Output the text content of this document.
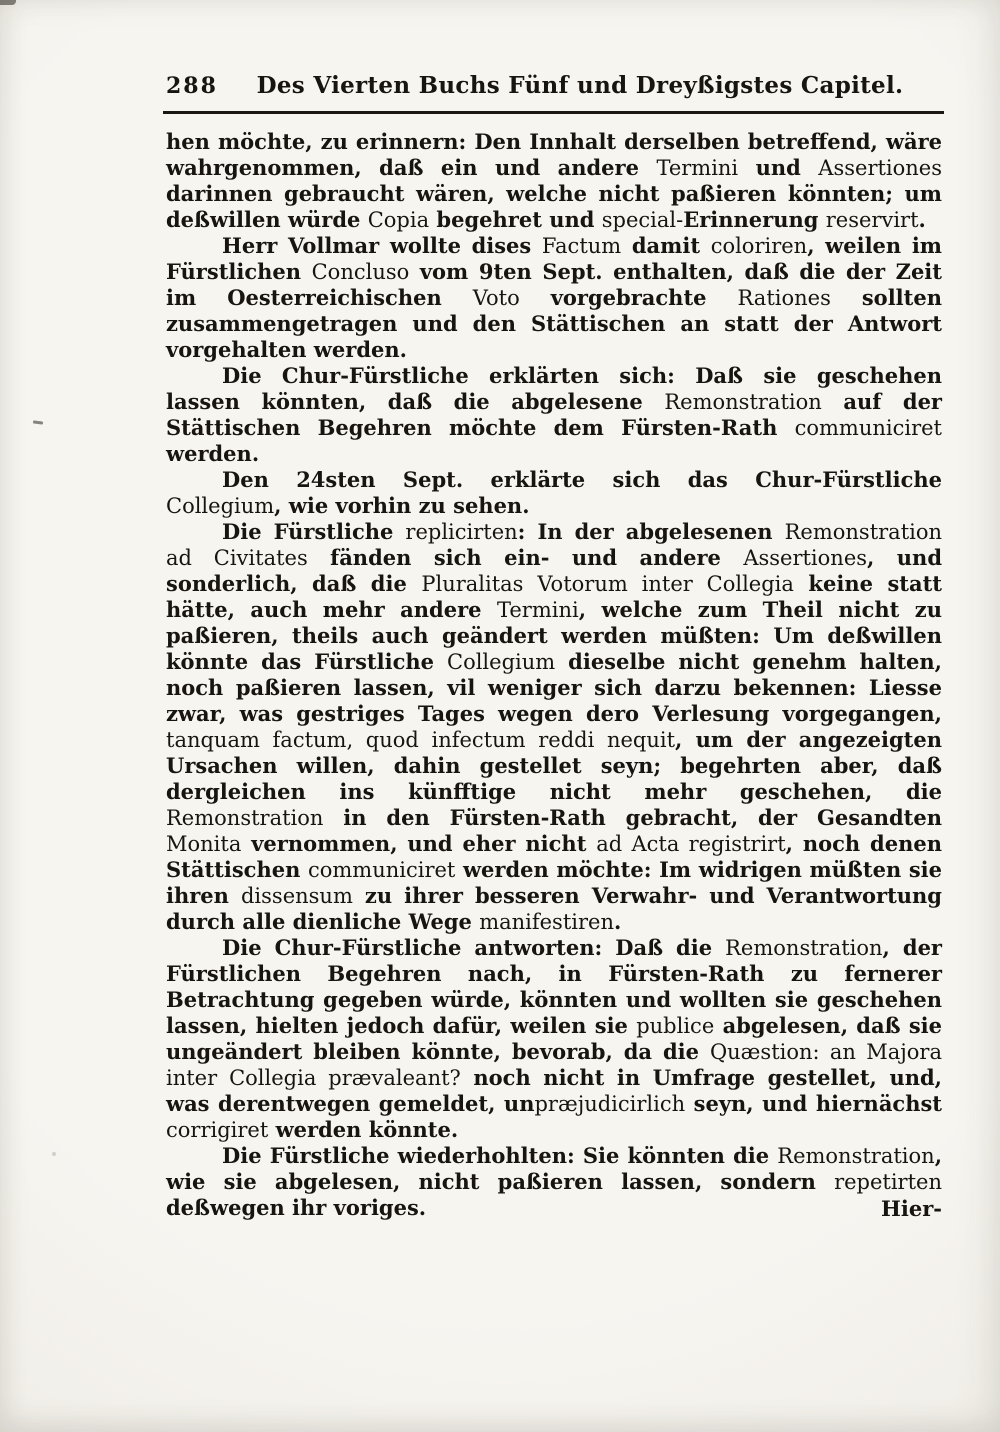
288	Des Vierten Buchs Fünf und Dreyßigstes Capitel.

hen möchte, zu erinnern: Den Innhalt derselben betreffend, wäre wahrgenommen, daß ein und andere Termini und Assertiones darinnen gebraucht wären, welche nicht paßieren könnten; um deßwillen würde Copia begehret und special-Erinnerung reservirt.

Herr Vollmar wollte dises Factum damit coloriren, weilen im Fürstlichen Concluso vom 9ten Sept. enthalten, daß die der Zeit im Oesterreichischen Voto vorgebrachte Rationes sollten zusammengetragen und den Stättischen an statt der Antwort vorgehalten werden.

Die Chur-Fürstliche erklärten sich: Daß sie geschehen lassen könnten, daß die abgelesene Remonstration auf der Stättischen Begehren möchte dem Fürsten-Rath communiciret werden.

Den 24sten Sept. erklärte sich das Chur-Fürstliche Collegium, wie vorhin zu sehen.

Die Fürstliche replicirten: In der abgelesenen Remonstration ad Civitates fänden sich ein- und andere Assertiones, und sonderlich, daß die Pluralitas Votorum inter Collegia keine statt hätte, auch mehr andere Termini, welche zum Theil nicht zu paßieren, theils auch geändert werden müßten: Um deßwillen könnte das Fürstliche Collegium dieselbe nicht genehm halten, noch paßieren lassen, vil weniger sich darzu bekennen: Liesse zwar, was gestriges Tages wegen dero Verlesung vorgegangen, tanquam factum, quod infectum reddi nequit, um der angezeigten Ursachen willen, dahin gestellet seyn; begehrten aber, daß dergleichen ins künfftige nicht mehr geschehen, die Remonstration in den Fürsten-Rath gebracht, der Gesandten Monita vernommen, und eher nicht ad Acta registrirt, noch denen Stättischen communiciret werden möchte: Im widrigen müßten sie ihren dissensum zu ihrer besseren Verwahr- und Verantwortung durch alle dienliche Wege manifestiren.

Die Chur-Fürstliche antworten: Daß die Remonstration, der Fürstlichen Begehren nach, in Fürsten-Rath zu fernerer Betrachtung gegeben würde, könnten und wollten sie geschehen lassen, hielten jedoch dafür, weilen sie publice abgelesen, daß sie ungeändert bleiben könnte, bevorab, da die Quæstion: an Majora inter Collegia prævaleant? noch nicht in Umfrage gestellet, und, was derentwegen gemeldet, unpræjudicirlich seyn, und hiernächst corrigiret werden könnte.

Die Fürstliche wiederhohlten: Sie könnten die Remonstration, wie sie abgelesen, nicht paßieren lassen, sondern repetirten deßwegen ihr voriges.	Hier-
